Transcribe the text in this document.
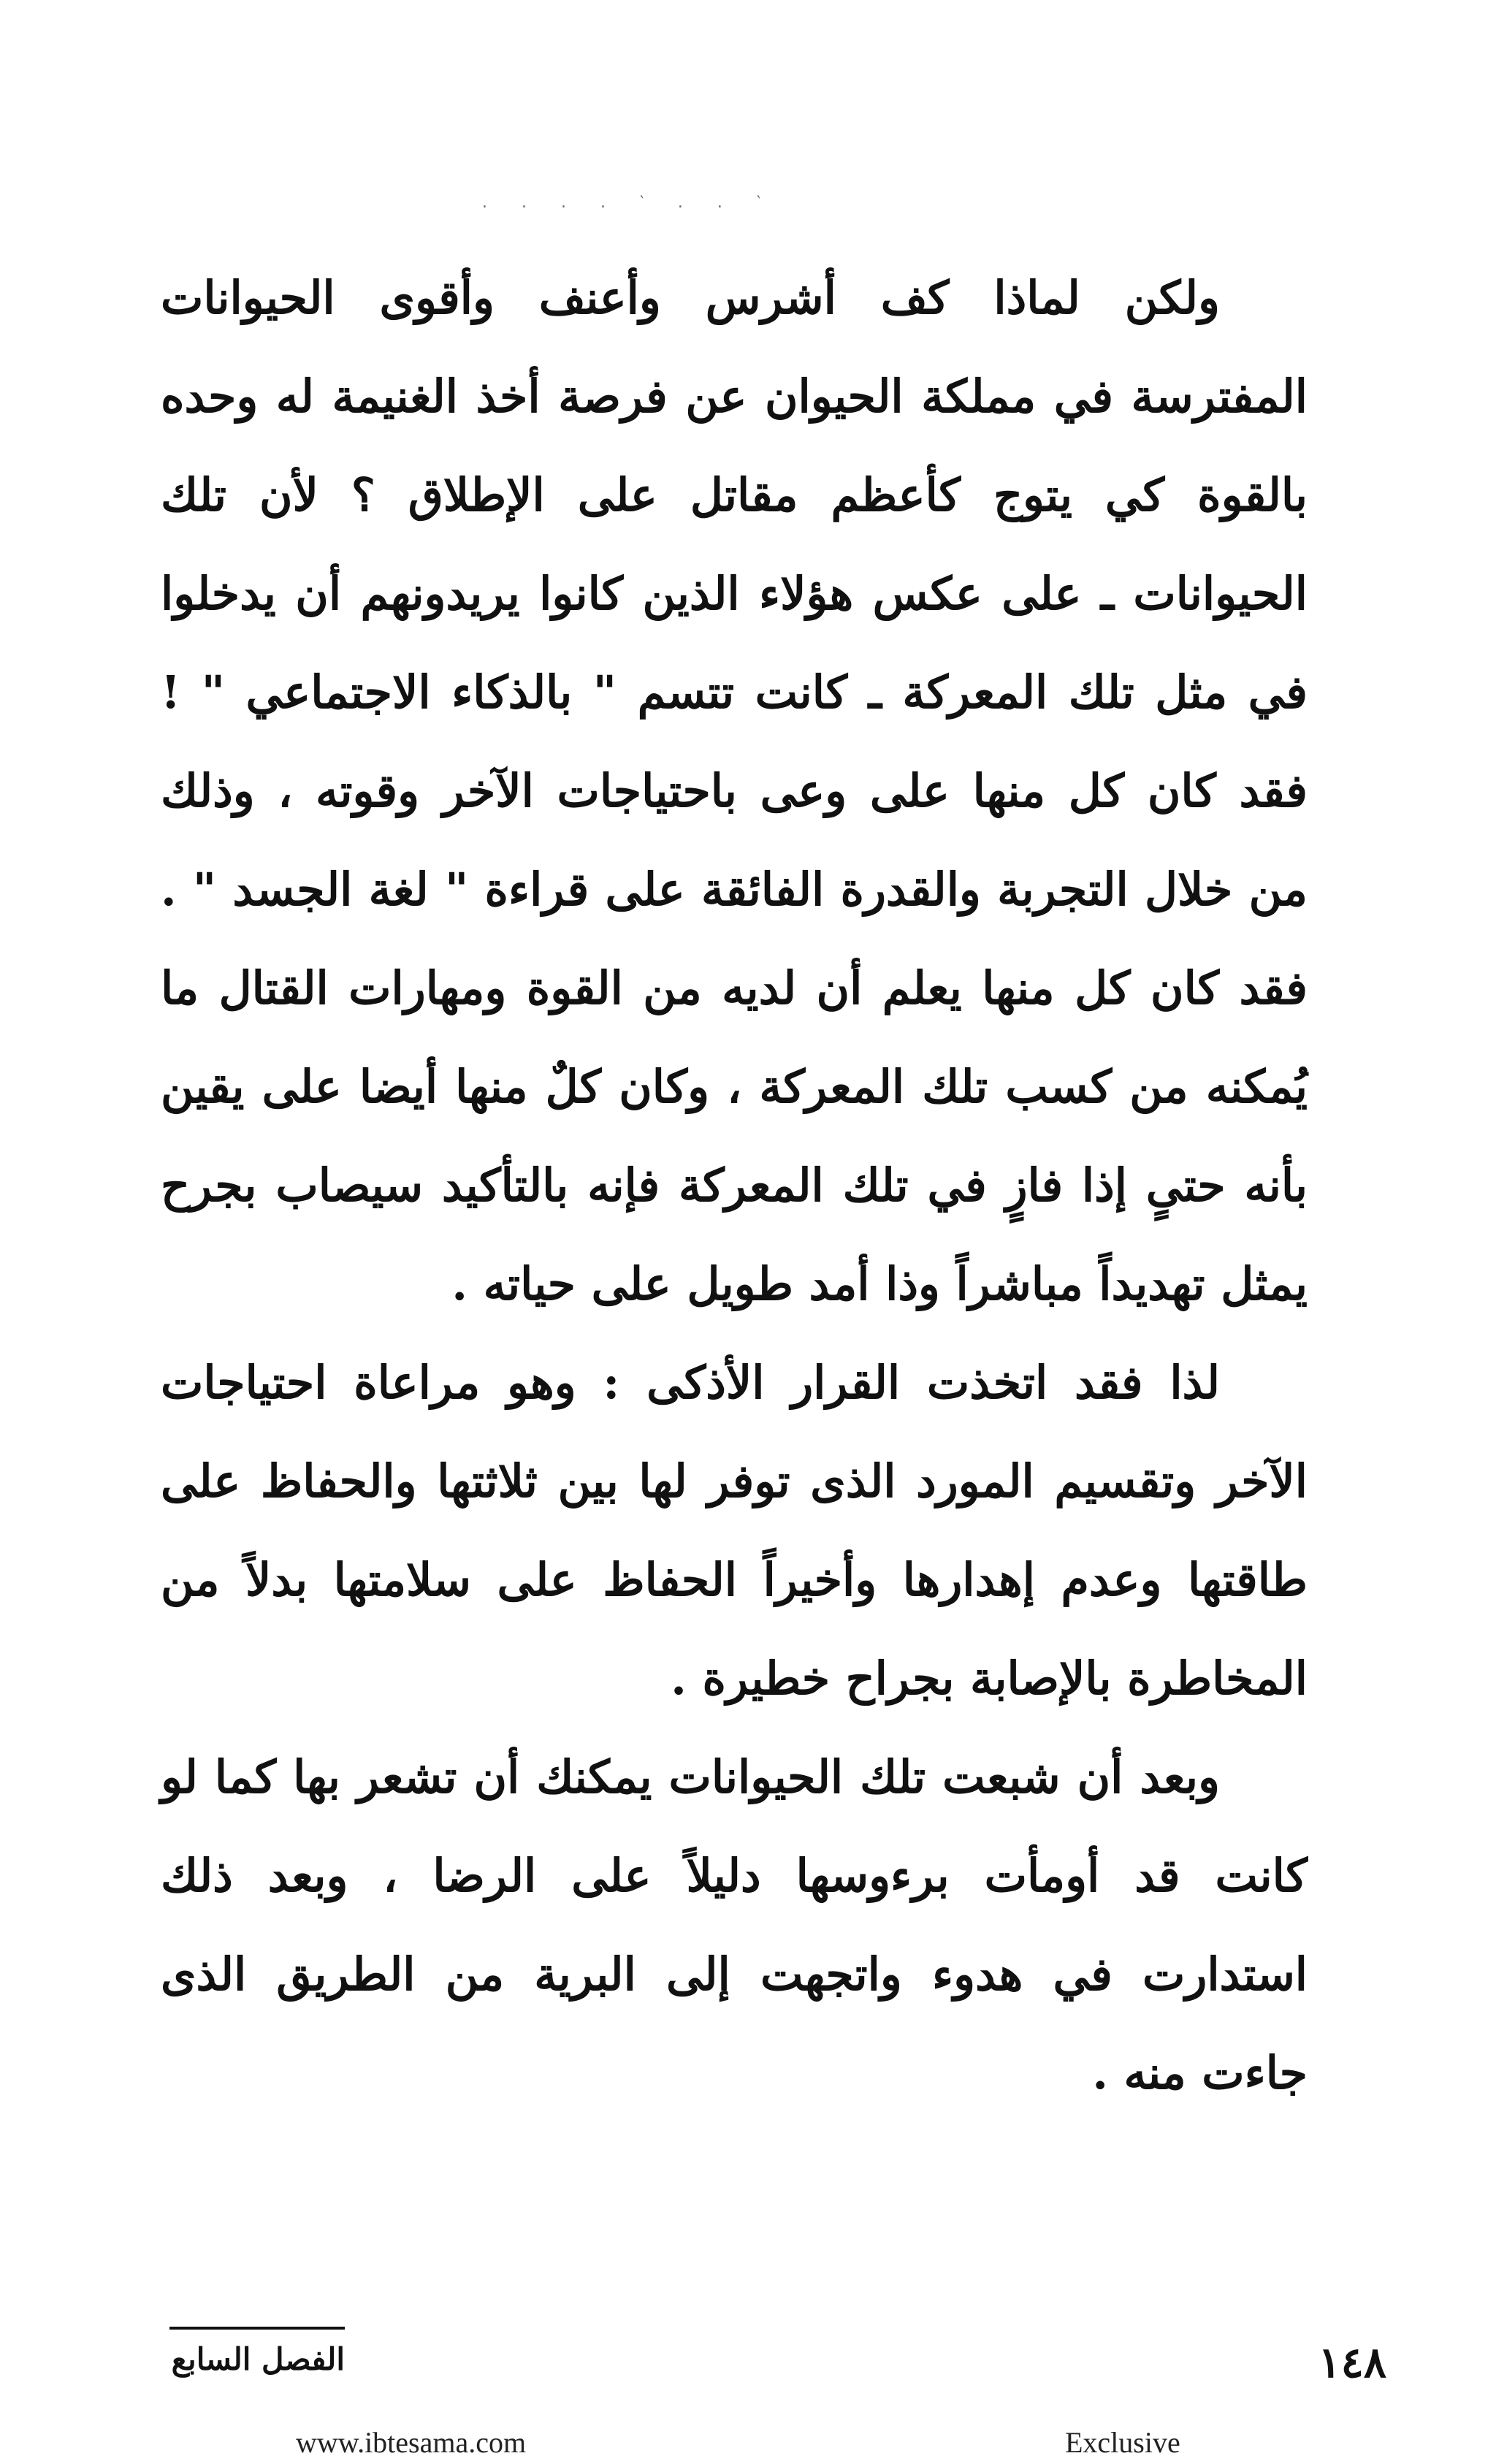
. . . . ‵ . . ‵

ولكن لماذا كف أشرس وأعنف وأقوى الحيوانات المفترسة في مملكة الحيوان عن فرصة أخذ الغنيمة له وحده بالقوة كي يتوج كأعظم مقاتل على الإطلاق ؟ لأن تلك الحيوانات ـ على عكس هؤلاء الذين كانوا يريدونهم أن يدخلوا في مثل تلك المعركة ـ كانت تتسم " بالذكاء الاجتماعي " ! فقد كان كل منها على وعى باحتياجات الآخر وقوته ، وذلك من خلال التجربة والقدرة الفائقة على قراءة " لغة الجسد " . فقد كان كل منها يعلم أن لديه من القوة ومهارات القتال ما يُمكنه من كسب تلك المعركة ، وكان كلٌ منها أيضا على يقين بأنه حتىٍ إذا فازٍ في تلك المعركة فإنه بالتأكيد سيصاب بجرح يمثل تهديداً مباشراً وذا أمد طويل على حياته .

لذا فقد اتخذت القرار الأذكى : وهو مراعاة احتياجات الآخر وتقسيم المورد الذى توفر لها بين ثلاثتها والحفاظ على طاقتها وعدم إهدارها وأخيراً الحفاظ على سلامتها بدلاً من المخاطرة بالإصابة بجراح خطيرة .

وبعد أن شبعت تلك الحيوانات يمكنك أن تشعر بها كما لو كانت قد أومأت برءوسها دليلاً على الرضا ، وبعد ذلك استدارت في هدوء واتجهت إلى البرية من الطريق الذى جاءت منه .

الفصل السابع	١٤٨
www.ibtesama.com	Exclusive
